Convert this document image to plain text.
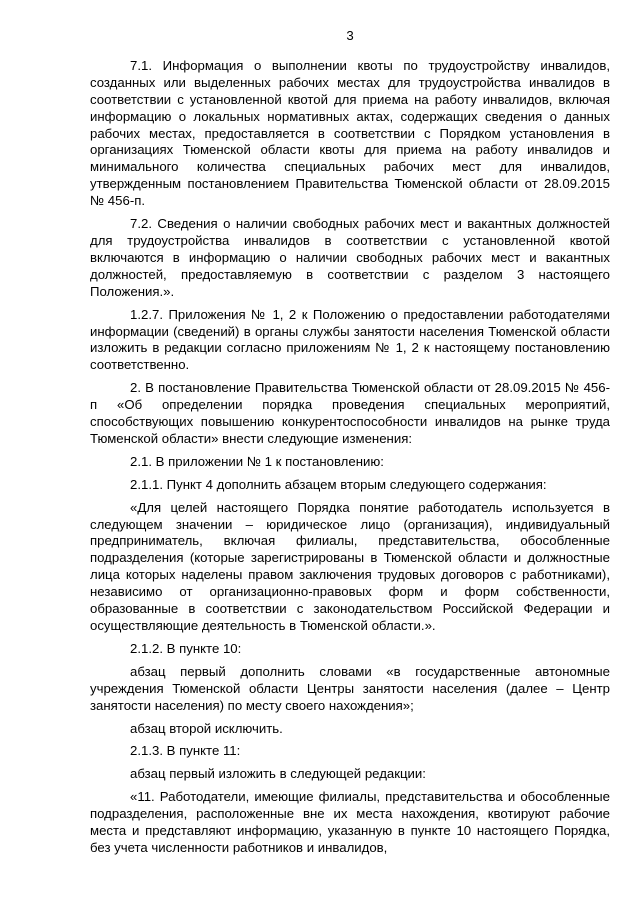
3

7.1. Информация о выполнении квоты по трудоустройству инвалидов, созданных или выделенных рабочих местах для трудоустройства инвалидов в соответствии с установленной квотой для приема на работу инвалидов, включая информацию о локальных нормативных актах, содержащих сведения о данных рабочих местах, предоставляется в соответствии с Порядком установления в организациях Тюменской области квоты для приема на работу инвалидов и минимального количества специальных рабочих мест для инвалидов, утвержденным постановлением Правительства Тюменской области от 28.09.2015 № 456-п.

7.2. Сведения о наличии свободных рабочих мест и вакантных должностей для трудоустройства инвалидов в соответствии с установленной квотой включаются в информацию о наличии свободных рабочих мест и вакантных должностей, предоставляемую в соответствии с разделом 3 настоящего Положения.».

1.2.7. Приложения № 1, 2 к Положению о предоставлении работодателями информации (сведений) в органы службы занятости населения Тюменской области изложить в редакции согласно приложениям № 1, 2 к настоящему постановлению соответственно.

2. В постановление Правительства Тюменской области от 28.09.2015 № 456-п «Об определении порядка проведения специальных мероприятий, способствующих повышению конкурентоспособности инвалидов на рынке труда Тюменской области» внести следующие изменения:

2.1. В приложении № 1 к постановлению:

2.1.1. Пункт 4 дополнить абзацем вторым следующего содержания:

«Для целей настоящего Порядка понятие работодатель используется в следующем значении – юридическое лицо (организация), индивидуальный предприниматель, включая филиалы, представительства, обособленные подразделения (которые зарегистрированы в Тюменской области и должностные лица которых наделены правом заключения трудовых договоров с работниками), независимо от организационно-правовых форм и форм собственности, образованные в соответствии с законодательством Российской Федерации и осуществляющие деятельность в Тюменской области.».

2.1.2. В пункте 10:

абзац первый дополнить словами «в государственные автономные учреждения Тюменской области Центры занятости населения (далее – Центр занятости населения) по месту своего нахождения»;

абзац второй исключить.

2.1.3. В пункте 11:

абзац первый изложить в следующей редакции:

«11. Работодатели, имеющие филиалы, представительства и обособленные подразделения, расположенные вне их места нахождения, квотируют рабочие места и представляют информацию, указанную в пункте 10 настоящего Порядка, без учета численности работников и инвалидов,
